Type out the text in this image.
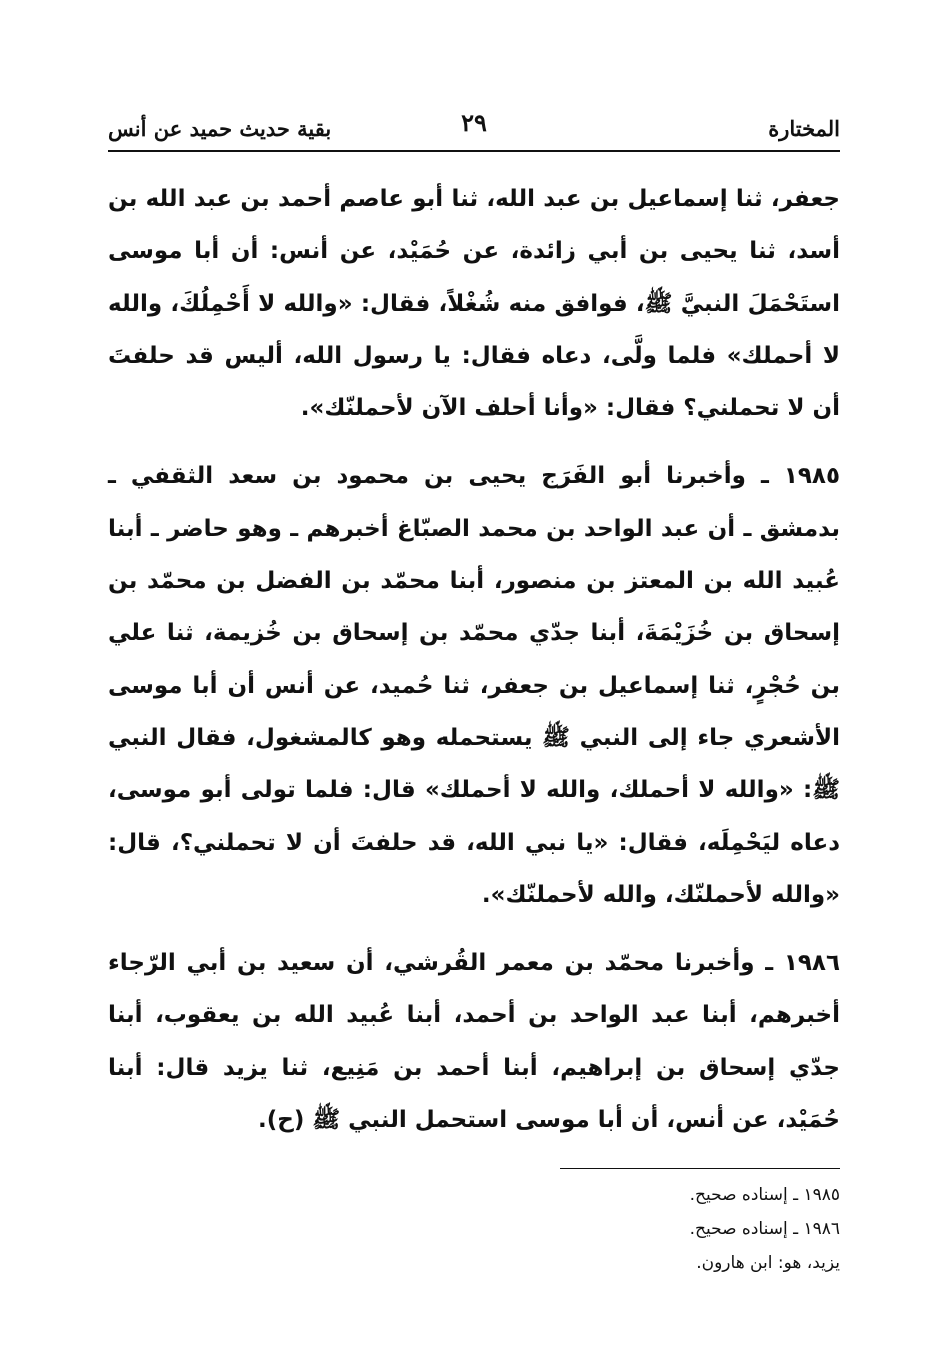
المختارة
٢٩
بقية حديث حميد عن أنس

جعفر، ثنا إسماعيل بن عبد الله، ثنا أبو عاصم أحمد بن عبد الله بن أسد، ثنا يحيى بن أبي زائدة، عن حُمَيْد، عن أنس: أن أبا موسى استَحْمَلَ النبيَّ ﷺ، فوافق منه شُغْلاً، فقال: «والله لا أَحْمِلُكَ، والله لا أحملك» فلما ولَّى، دعاه فقال: يا رسول الله، أليس قد حلفتَ أن لا تحملني؟ فقال: «وأنا أحلف الآن لأحملنّك».

١٩٨٥ ـ وأخبرنا أبو الفَرَج يحيى بن محمود بن سعد الثقفي ـ بدمشق ـ أن عبد الواحد بن محمد الصبّاغ أخبرهم ـ وهو حاضر ـ أبنا عُبيد الله بن المعتز بن منصور، أبنا محمّد بن الفضل بن محمّد بن إسحاق بن خُزَيْمَةَ، أبنا جدّي محمّد بن إسحاق بن خُزيمة، ثنا علي بن حُجْرٍ، ثنا إسماعيل بن جعفر، ثنا حُميد، عن أنس أن أبا موسى الأشعري جاء إلى النبي ﷺ يستحمله وهو كالمشغول، فقال النبي ﷺ: «والله لا أحملك، والله لا أحملك» قال: فلما تولى أبو موسى، دعاه ليَحْمِلَه، فقال: «يا نبي الله، قد حلفتَ أن لا تحملني؟، قال: «والله لأحملنّك، والله لأحملنّك».

١٩٨٦ ـ وأخبرنا محمّد بن معمر القُرشي، أن سعيد بن أبي الرّجاء أخبرهم، أبنا عبد الواحد بن أحمد، أبنا عُبيد الله بن يعقوب، أبنا جدّي إسحاق بن إبراهيم، أبنا أحمد بن مَنِيع، ثنا يزيد قال: أبنا حُمَيْد، عن أنس، أن أبا موسى استحمل النبي ﷺ (ح).

١٩٨٥ ـ إسناده صحيح.

١٩٨٦ ـ إسناده صحيح.

يزيد، هو: ابن هارون.
